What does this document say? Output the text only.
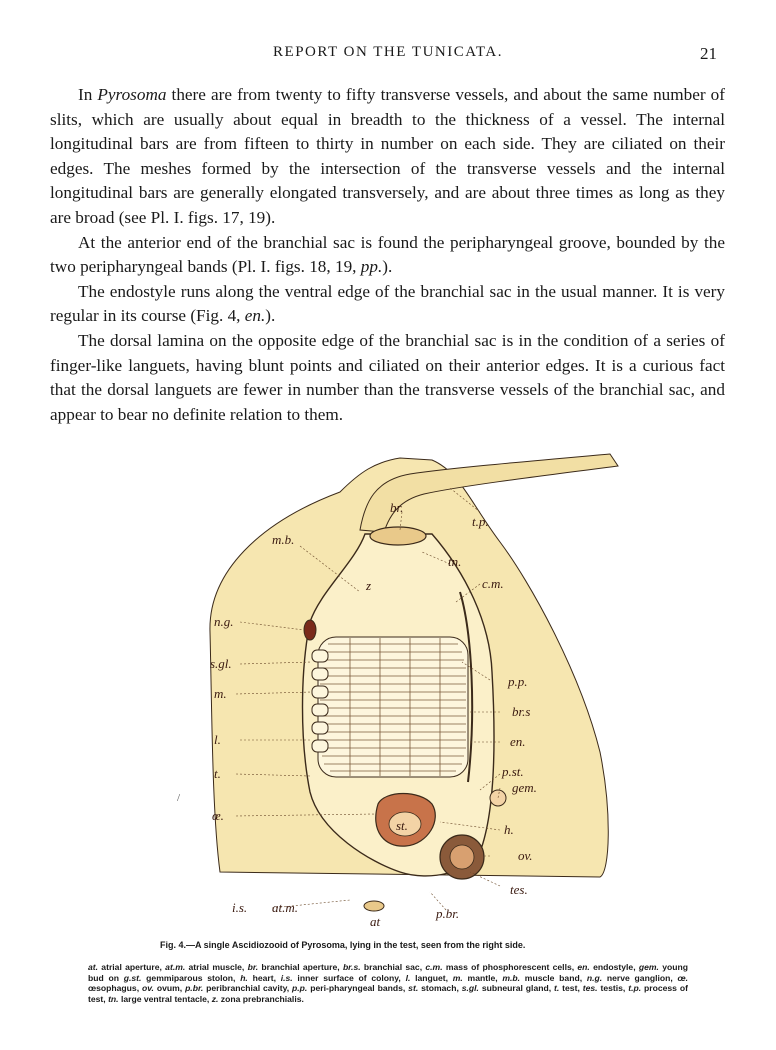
REPORT ON THE TUNICATA.	21

In Pyrosoma there are from twenty to fifty transverse vessels, and about the same number of slits, which are usually about equal in breadth to the thickness of a vessel. The internal longitudinal bars are from fifteen to thirty in number on each side. They are ciliated on their edges. The meshes formed by the intersection of the transverse vessels and the internal longitudinal bars are generally elongated transversely, and are about three times as long as they are broad (see Pl. I. figs. 17, 19).

At the anterior end of the branchial sac is found the peripharyngeal groove, bounded by the two peripharyngeal bands (Pl. I. figs. 18, 19, pp.).

The endostyle runs along the ventral edge of the branchial sac in the usual manner. It is very regular in its course (Fig. 4, en.).

The dorsal lamina on the opposite edge of the branchial sac is in the condition of a series of finger-like languets, having blunt points and ciliated on their anterior edges. It is a curious fact that the dorsal languets are fewer in number than the transverse vessels of the branchial sac, and appear to bear no definite relation to them.

/
br.
t.p.
m.b.
tn.
z	c.m.
n.g.
s.gl.
p.p.
m.
br.s
l.	en.
t.	p.st.
gem.
œ.
st.	h.
ov.
tes.
i.s. at.m.	p.br.
at
Fig. 4.—A single Ascidiozooid of Pyrosoma, lying in the test, seen from the right side.
at. atrial aperture, at.m. atrial muscle, br. branchial aperture, br.s. branchial sac, c.m. mass of phosphorescent cells, en. endostyle, gem. young bud on g.st. gemmiparous stolon, h. heart, i.s. inner surface of colony, l. languet, m. mantle, m.b. muscle band, n.g. nerve ganglion, œ. œsophagus, ov. ovum, p.br. peribranchial cavity, p.p. peri-pharyngeal bands, st. stomach, s.gl. subneural gland, t. test, tes. testis, t.p. process of test, tn. large ventral tentacle, z. zona prebranchialis.
